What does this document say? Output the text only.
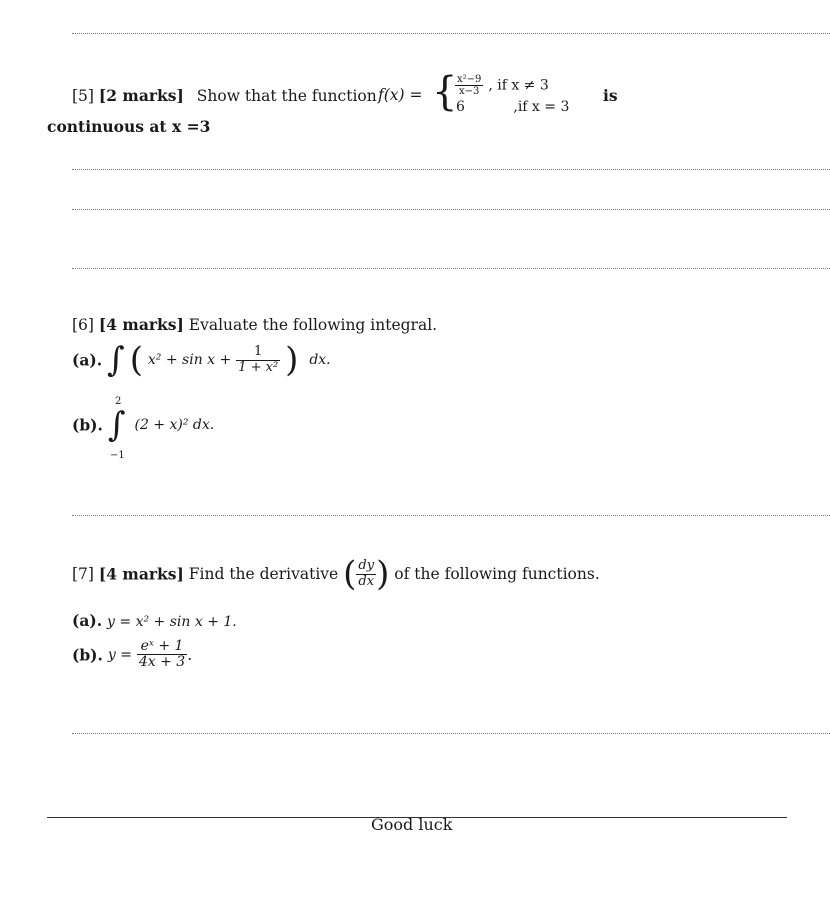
[5] [2 marks] Show that the function f(x) = {
$\frac{\text{x²−9}}{x-3}$ , if x ≠ 3
6	,if x = 3
is
continuous at x =3
[6] [4 marks] Evaluate the following integral.
(a). ∫ ( $x^2 + \sin x + \frac{1}{\text{1 + x²}}$ ) dx.
2
(b). ∫ (2 + x)² dx.
−1
[7] [4 marks] Find the derivative ( $\frac{dy}{dx}$ ) of the following functions.
(a). y = x² + sin x + 1.
(b). $y = \frac{\text{eˣ + 1}}{4x + 3}$ .
Good luck
